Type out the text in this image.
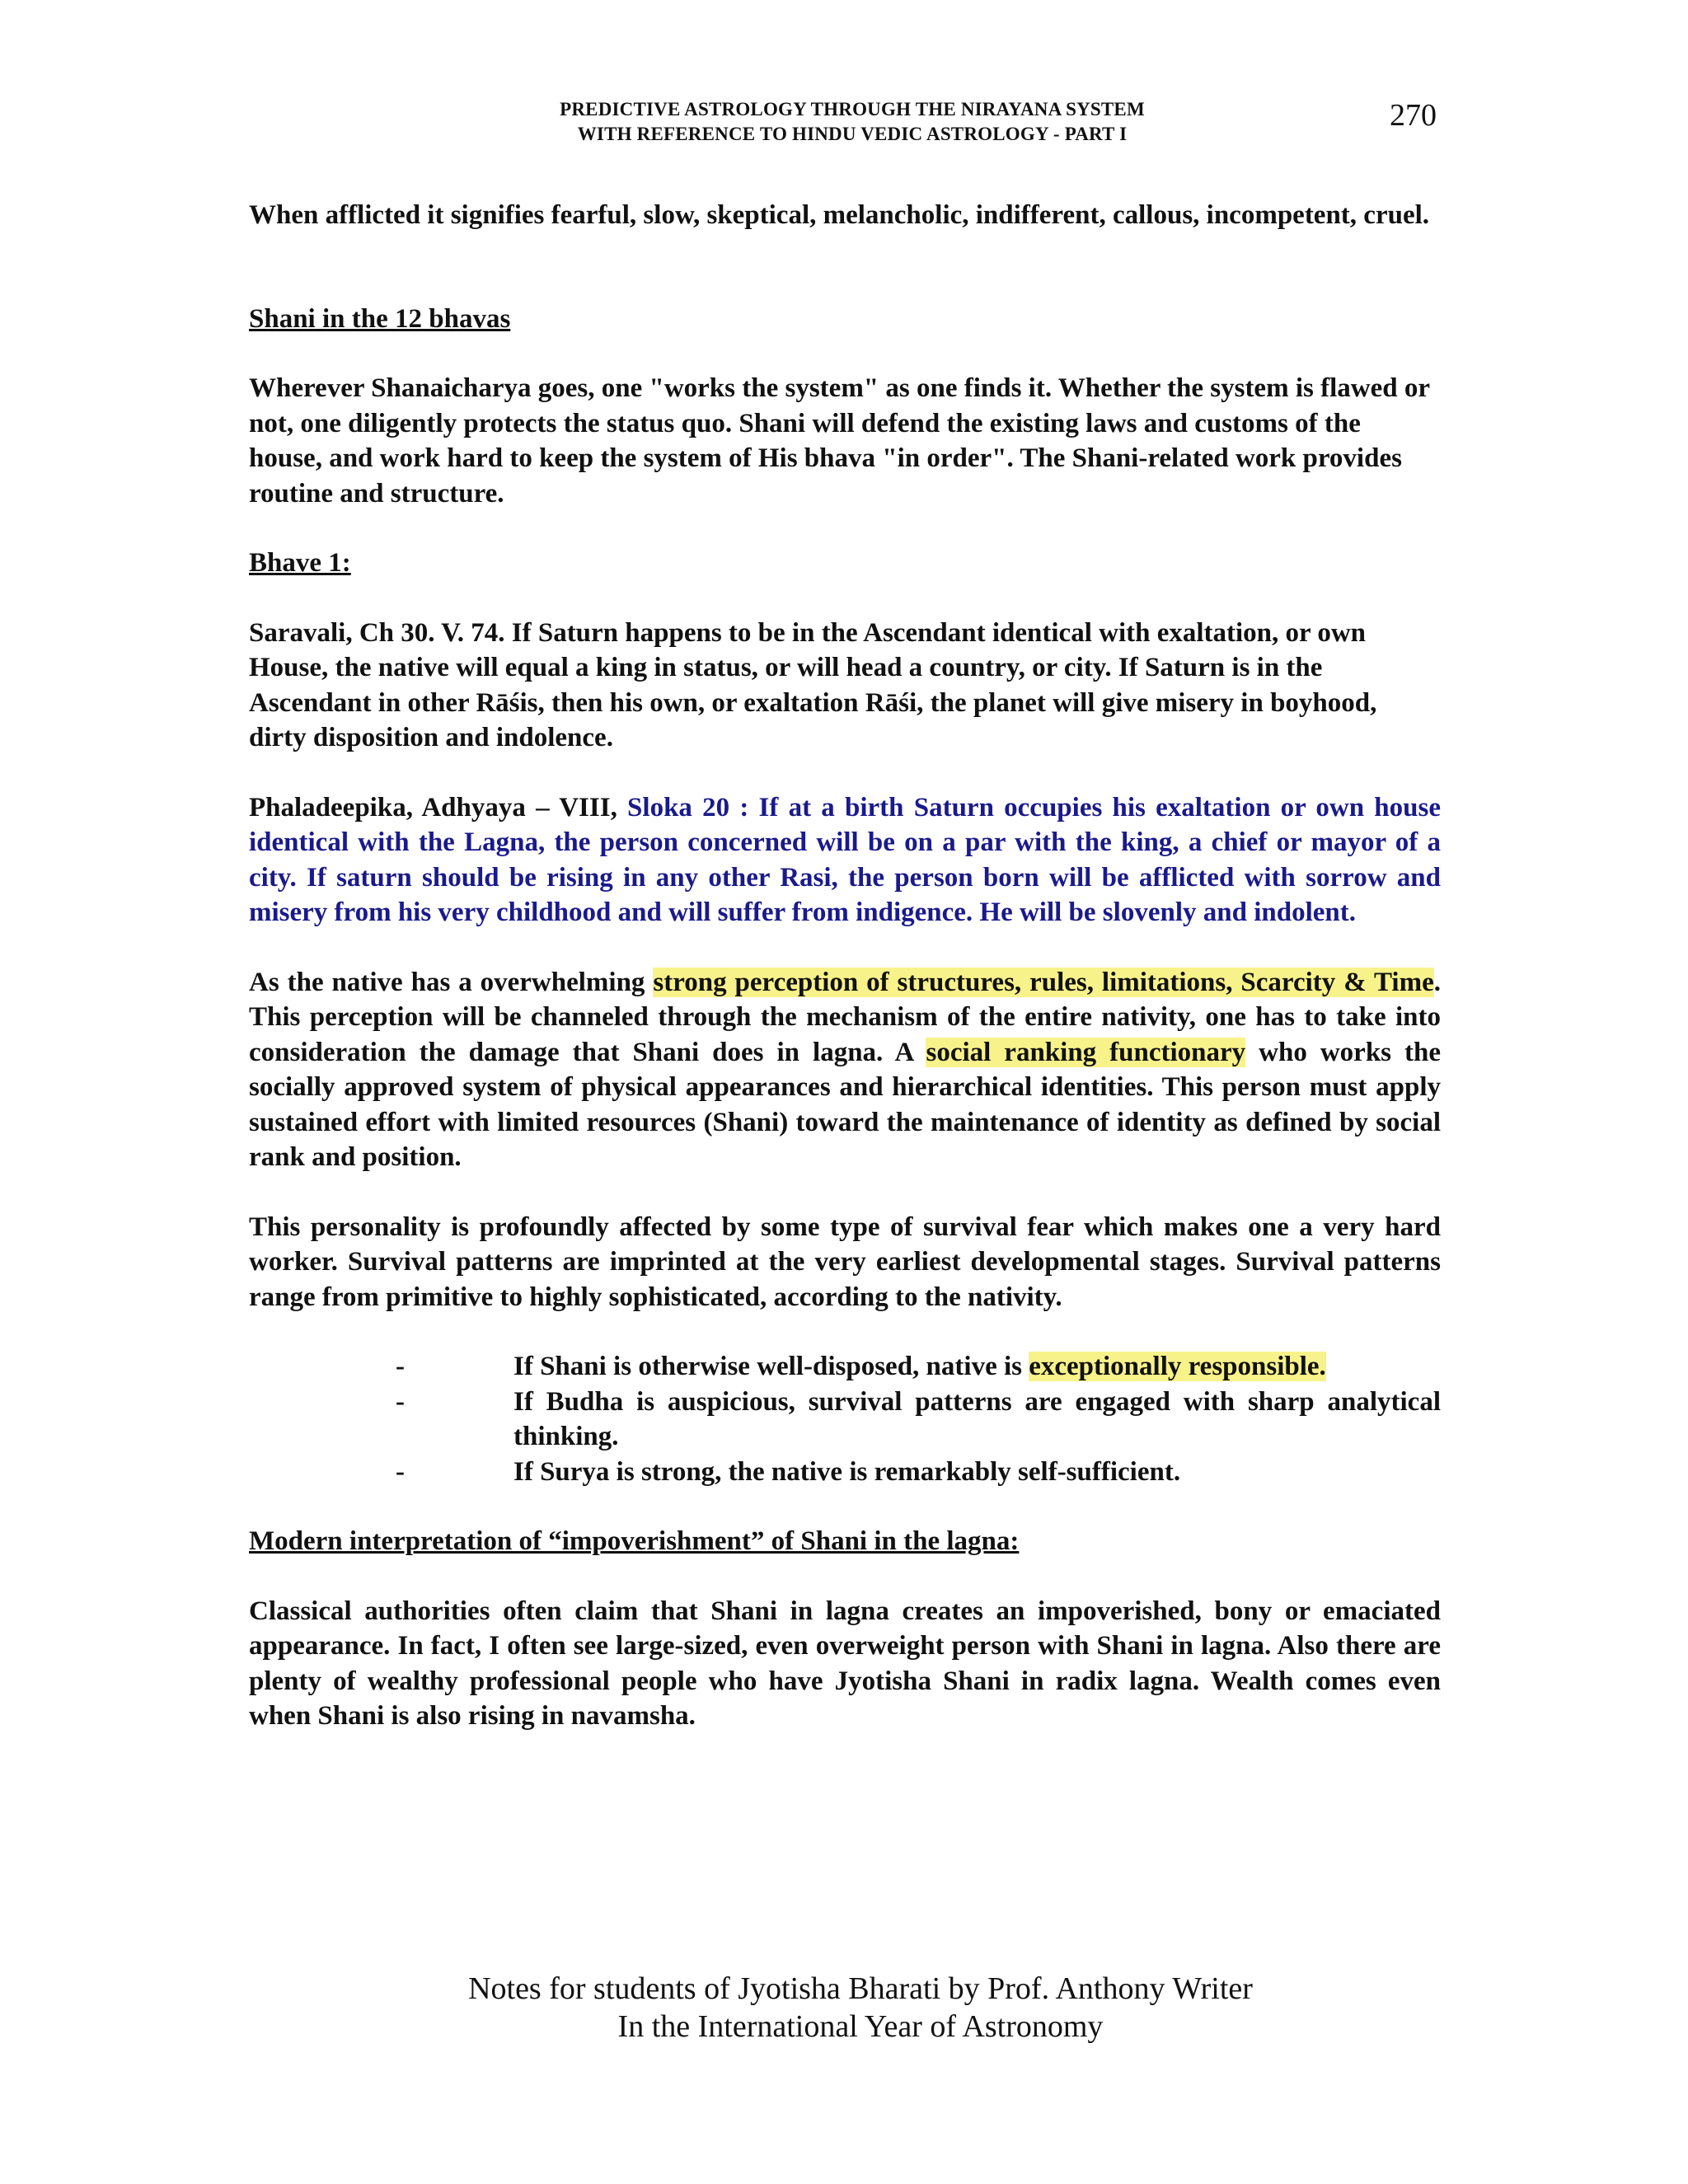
PREDICTIVE ASTROLOGY THROUGH THE NIRAYANA SYSTEM
WITH REFERENCE TO HINDU VEDIC ASTROLOGY - PART I
270

When afflicted it signifies fearful, slow, skeptical, melancholic, indifferent, callous, incompetent, cruel.

Shani in the 12 bhavas

Wherever Shanaicharya goes, one "works the system" as one finds it. Whether the system is flawed or not, one diligently protects the status quo. Shani will defend the existing laws and customs of the house, and work hard to keep the system of His bhava "in order". The Shani-related work provides routine and structure.

Bhave 1:

Saravali, Ch 30. V. 74. If Saturn happens to be in the Ascendant identical with exaltation, or own House, the native will equal a king in status, or will head a country, or city. If Saturn is in the Ascendant in other Rāśis, then his own, or exaltation Rāśi, the planet will give misery in boyhood, dirty disposition and indolence.

Phaladeepika, Adhyaya – VIII, Sloka 20 : If at a birth Saturn occupies his exaltation or own house identical with the Lagna, the person concerned will be on a par with the king, a chief or mayor of a city. If saturn should be rising in any other Rasi, the person born will be afflicted with sorrow and misery from his very childhood and will suffer from indigence. He will be slovenly and indolent.

As the native has a overwhelming strong perception of structures, rules, limitations, Scarcity & Time. This perception will be channeled through the mechanism of the entire nativity, one has to take into consideration the damage that Shani does in lagna. A social ranking functionary who works the socially approved system of physical appearances and hierarchical identities. This person must apply sustained effort with limited resources (Shani) toward the maintenance of identity as defined by social rank and position.

This personality is profoundly affected by some type of survival fear which makes one a very hard worker. Survival patterns are imprinted at the very earliest developmental stages. Survival patterns range from primitive to highly sophisticated, according to the nativity.

-	If Shani is otherwise well-disposed, native is exceptionally responsible.
-	If Budha is auspicious, survival patterns are engaged with sharp analytical thinking.
-	If Surya is strong, the native is remarkably self-sufficient.

Modern interpretation of “impoverishment” of Shani in the lagna:

Classical authorities often claim that Shani in lagna creates an impoverished, bony or emaciated appearance. In fact, I often see large-sized, even overweight person with Shani in lagna. Also there are plenty of wealthy professional people who have Jyotisha Shani in radix lagna. Wealth comes even when Shani is also rising in navamsha.

Notes for students of Jyotisha Bharati by Prof. Anthony Writer
In the International Year of Astronomy
